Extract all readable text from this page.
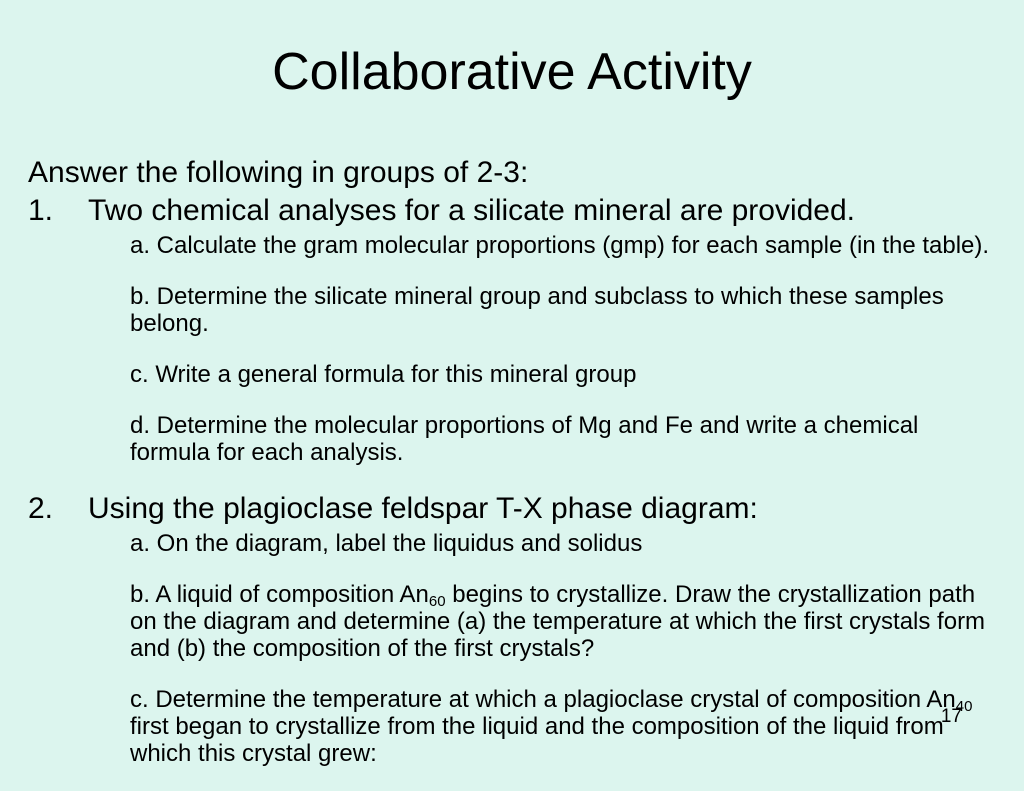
Collaborative Activity

Answer the following in groups of 2-3:

1. Two chemical analyses for a silicate mineral are provided.

a. Calculate the gram molecular proportions (gmp) for each sample (in the table).

b. Determine the silicate mineral group and subclass to which these samples belong.

c. Write a general formula for this mineral group

d. Determine the molecular proportions of Mg and Fe and write a chemical formula for each analysis.

2. Using the plagioclase feldspar T-X phase diagram:

a. On the diagram, label the liquidus and solidus

b. A liquid of composition $An_{60}$ begins to crystallize. Draw the crystallization path on the diagram and determine (a) the temperature at which the first crystals form and (b) the composition of the first crystals?

c. Determine the temperature at which a plagioclase crystal of composition $An_{40}$ first began to crystallize from the liquid and the composition of the liquid from which this crystal grew:

17
